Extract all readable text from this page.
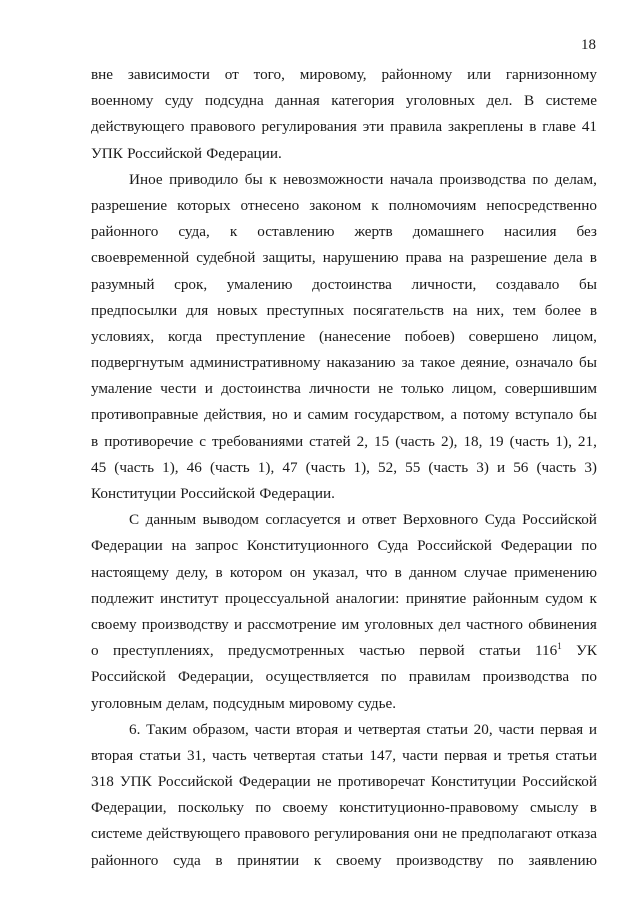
18
вне зависимости от того, мировому, районному или гарнизонному
военному суду подсудна данная категория уголовных дел. В системе
действующего правового регулирования эти правила закреплены в главе 41
УПК Российской Федерации.
Иное приводило бы к невозможности начала производства по делам,
разрешение которых отнесено законом к полномочиям непосредственно
районного суда, к оставлению жертв домашнего насилия без
своевременной судебной защиты, нарушению права на разрешение дела в
разумный срок, умалению достоинства личности, создавало бы
предпосылки для новых преступных посягательств на них, тем более в
условиях, когда преступление (нанесение побоев) совершено лицом,
подвергнутым административному наказанию за такое деяние, означало бы
умаление чести и достоинства личности не только лицом, совершившим
противоправные действия, но и самим государством, а потому вступало бы
в противоречие с требованиями статей 2, 15 (часть 2), 18, 19 (часть 1), 21,
45 (часть 1), 46 (часть 1), 47 (часть 1), 52, 55 (часть 3) и 56 (часть 3)
Конституции Российской Федерации.
С данным выводом согласуется и ответ Верховного Суда Российской
Федерации на запрос Конституционного Суда Российской Федерации по
настоящему делу, в котором он указал, что в данном случае применению
подлежит институт процессуальной аналогии: принятие районным судом к
своему производству и рассмотрение им уголовных дел частного обвинения
о преступлениях, предусмотренных частью первой статьи $116^1$ УК
Российской Федерации, осуществляется по правилам производства по
уголовным делам, подсудным мировому судье.
6. Таким образом, части вторая и четвертая статьи 20, части первая и
вторая статьи 31, часть четвертая статьи 147, части первая и третья статьи
318 УПК Российской Федерации не противоречат Конституции Российской
Федерации, поскольку по своему конституционно-правовому смыслу в
системе действующего правового регулирования они не предполагают отказа
районного суда в принятии к своему производству по заявлению
